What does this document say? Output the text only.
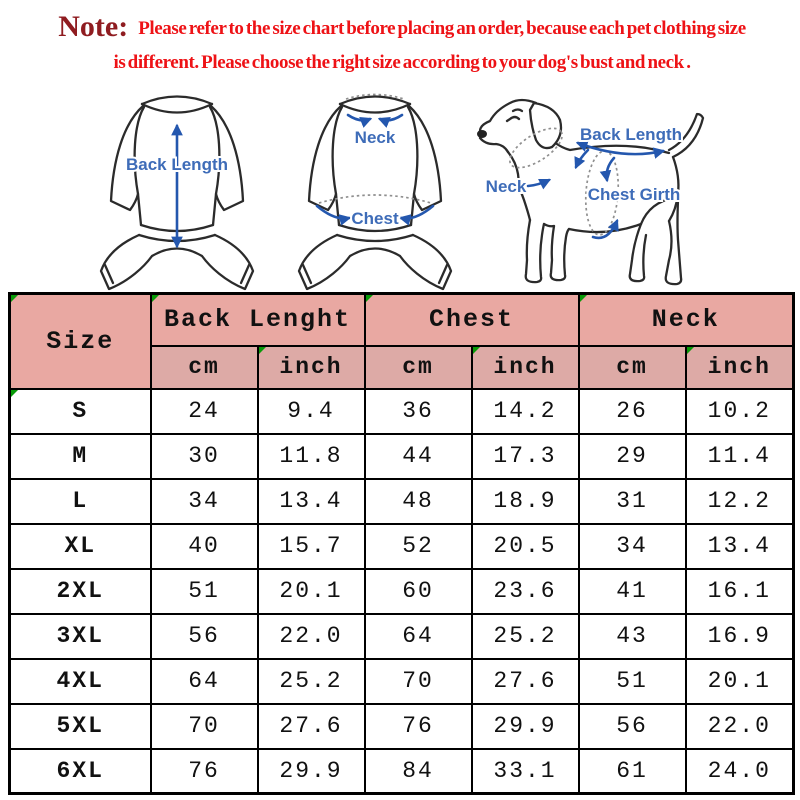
Note: Please refer to the size chart before placing an order, because each pet clothing size
is different. Please choose the right size according to your dog's bust and neck .
Back Length
Neck
Chest
Back Length
Neck	Chest Girth
Size	Back Lenght		Chest		Neck	
	cm	inch	cm	inch	cm	inch
S	24	9.4	36	14.2	26	10.2
M	30	11.8	44	17.3	29	11.4
L	34	13.4	48	18.9	31	12.2
XL	40	15.7	52	20.5	34	13.4
2XL	51	20.1	60	23.6	41	16.1
3XL	56	22.0	64	25.2	43	16.9
4XL	64	25.2	70	27.6	51	20.1
5XL	70	27.6	76	29.9	56	22.0
6XL	76	29.9	84	33.1	61	24.0
